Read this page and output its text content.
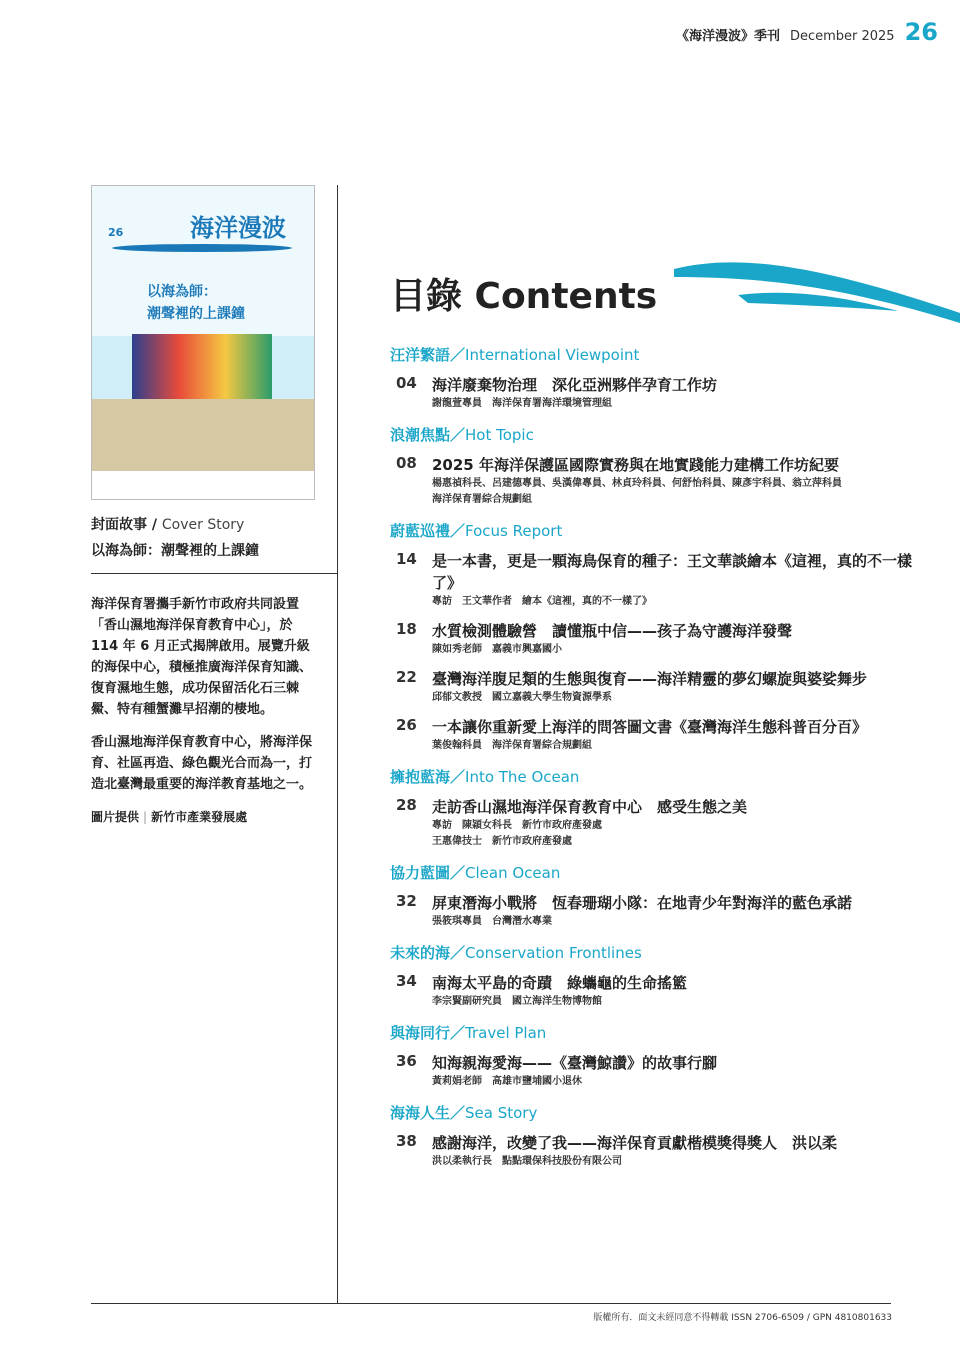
《海洋漫波》季刊 December 2025 26
26	海洋漫波
以海為師：
潮聲裡的上課鐘
封面故事 / Cover Story
以海為師：潮聲裡的上課鐘

海洋保育署攜手新竹市政府共同設置「香山濕地海洋保育教育中心」，於 114 年 6 月正式揭牌啟用。展覽升級的海保中心，積極推廣海洋保育知識、復育濕地生態，成功保留活化石三棘鱟、特有種蟹灘早招潮的棲地。

香山濕地海洋保育教育中心，將海洋保育、社區再造、綠色觀光合而為一，打造北臺灣最重要的海洋教育基地之一。

圖片提供 | 新竹市產業發展處
目錄 Contents
汪洋繁語／International Viewpoint
04	海洋廢棄物治理　深化亞洲夥伴孕育工作坊
謝龍萱專員　海洋保育署海洋環境管理組
浪潮焦點／Hot Topic
08	2025 年海洋保護區國際實務與在地實踐能力建構工作坊紀要
楊惠禎科長、呂建德專員、吳漢偉專員、林貞玲科員、何舒怡科員、陳彥宇科員、翁立萍科員
海洋保育署綜合規劃組
蔚藍巡禮／Focus Report
14	是一本書，更是一顆海鳥保育的種子：王文華談繪本《這裡，真的不一樣了》
專訪　王文華作者　繪本《這裡，真的不一樣了》
18	水質檢測體驗營　讀懂瓶中信——孩子為守護海洋發聲
陳如秀老師　嘉義市興嘉國小
22	臺灣海洋腹足類的生態與復育——海洋精靈的夢幻螺旋與婆娑舞步
邱郁文教授　國立嘉義大學生物資源學系
26	一本讓你重新愛上海洋的問答圖文書《臺灣海洋生態科普百分百》
葉俊翰科員　海洋保育署綜合規劃組
擁抱藍海／Into The Ocean
28	走訪香山濕地海洋保育教育中心　感受生態之美
專訪　陳穎女科長　新竹市政府產發處
王惠偉技士　新竹市政府產發處
協力藍圖／Clean Ocean
32	屏東潛海小戰將　恆春珊瑚小隊：在地青少年對海洋的藍色承諾
張筱琪專員　台灣潛水專業
未來的海／Conservation Frontlines
34	南海太平島的奇蹟　綠蠵龜的生命搖籃
李宗賢副研究員　國立海洋生物博物館
與海同行／Travel Plan
36	知海親海愛海——《臺灣鯨讚》的故事行腳
黃莉娟老師　高雄市鹽埔國小退休
海海人生／Sea Story
38	感謝海洋，改變了我——海洋保育貢獻楷模獎得獎人　洪以柔
洪以柔執行長　點點環保科技股份有限公司
版權所有．面文未經同意不得轉載 ISSN 2706-6509 / GPN 4810801633
